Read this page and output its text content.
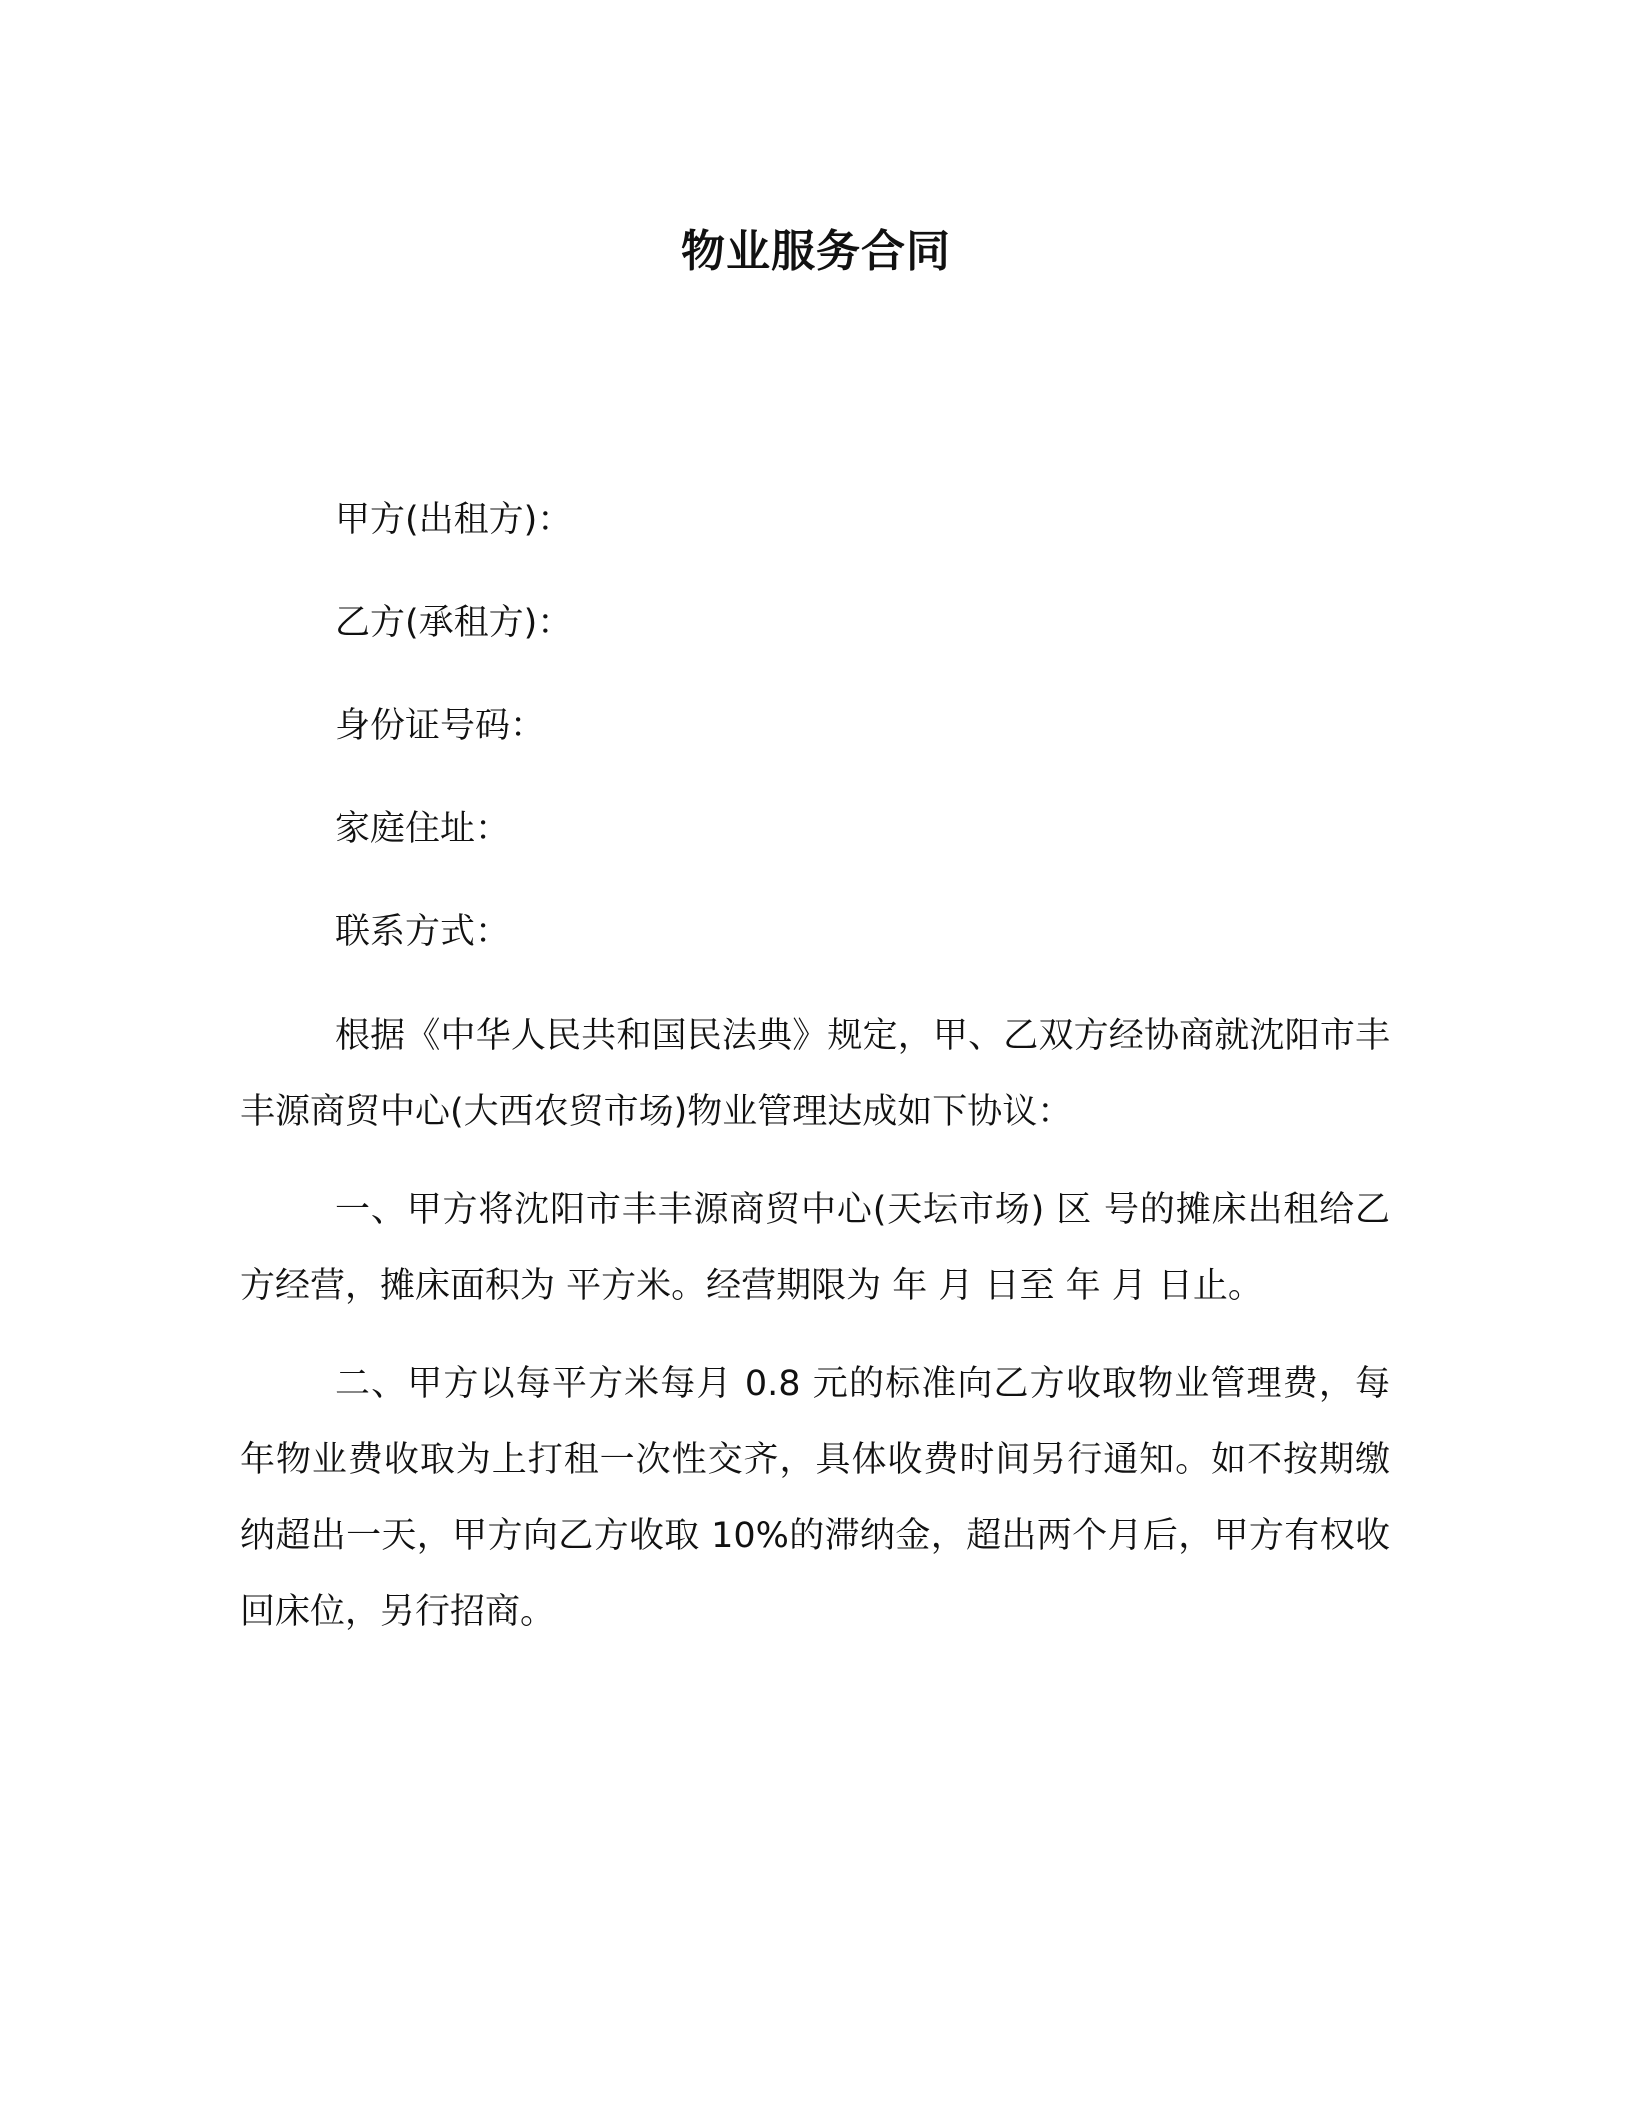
物业服务合同
甲方(出租方)：
乙方(承租方)：
身份证号码：
家庭住址：
联系方式：
根据《中华人民共和国民法典》规定，甲、乙双方经协商就沈阳市丰丰源商贸中心(大西农贸市场)物业管理达成如下协议：
一、甲方将沈阳市丰丰源商贸中心(天坛市场) 区 号的摊床出租给乙方经营，摊床面积为 平方米。经营期限为 年 月 日至 年 月 日止。
二、甲方以每平方米每月 0.8 元的标准向乙方收取物业管理费，每年物业费收取为上打租一次性交齐，具体收费时间另行通知。如不按期缴纳超出一天，甲方向乙方收取 10%的滞纳金，超出两个月后，甲方有权收回床位，另行招商。
